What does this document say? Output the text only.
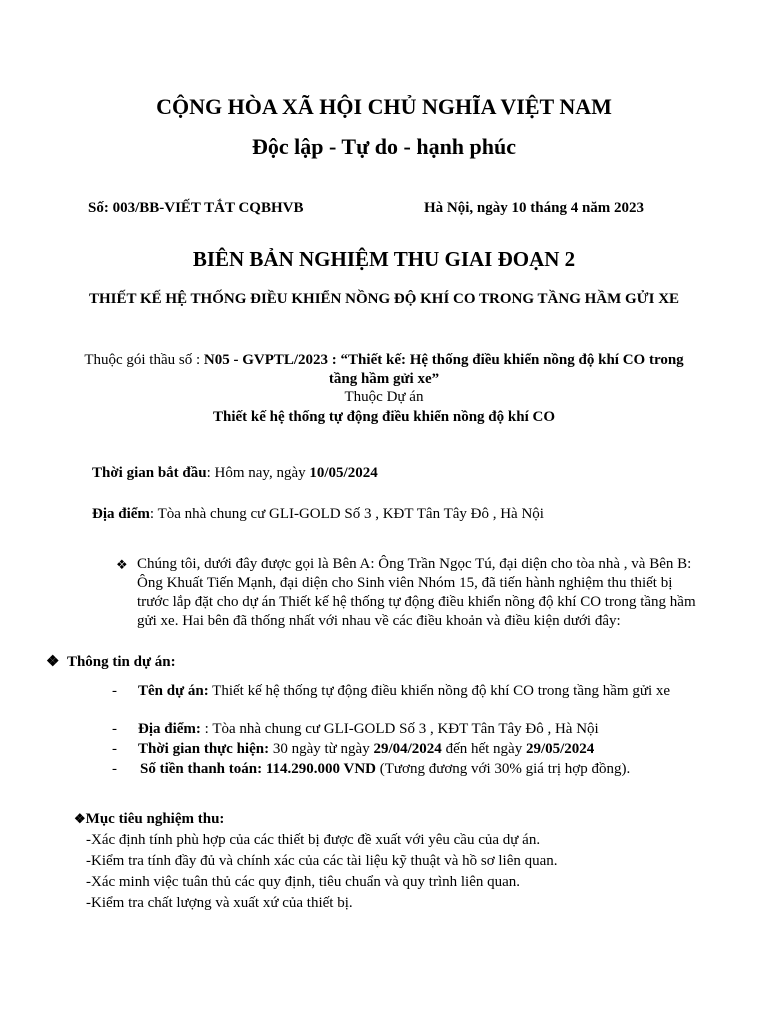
CỘNG HÒA XÃ HỘI CHỦ NGHĨA VIỆT NAM
Độc lập - Tự do - hạnh phúc
Số: 003/BB-VIẾT TẮT CQBHVB	Hà Nội, ngày 10 tháng 4 năm 2023
BIÊN BẢN NGHIỆM THU GIAI ĐOẠN 2
THIẾT KẾ HỆ THỐNG ĐIỀU KHIỂN NỒNG ĐỘ KHÍ CO TRONG TẦNG HẦM GỬI XE
Thuộc gói thầu số : N05 - GVPTL/2023 : “Thiết kế: Hệ thống điều khiển nồng độ khí CO trong tầng hầm gửi xe”
Thuộc Dự án
Thiết kế hệ thống tự động điều khiển nồng độ khí CO
Thời gian bắt đầu: Hôm nay, ngày 10/05/2024
Địa điểm: Tòa nhà chung cư GLI-GOLD Số 3 , KĐT Tân Tây Đô , Hà Nội
❖ Chúng tôi, dưới đây được gọi là Bên A: Ông Trần Ngọc Tú, đại diện cho tòa nhà , và Bên B: Ông Khuất Tiến Mạnh, đại diện cho Sinh viên Nhóm 15, đã tiến hành nghiệm thu thiết bị trước lắp đặt cho dự án Thiết kế hệ thống tự động điều khiển nồng độ khí CO trong tầng hầm gửi xe. Hai bên đã thống nhất với nhau về các điều khoản và điều kiện dưới đây:
❖ Thông tin dự án:
- Tên dự án: Thiết kế hệ thống tự động điều khiển nồng độ khí CO trong tầng hầm gửi xe
- Địa điểm: : Tòa nhà chung cư GLI-GOLD Số 3 , KĐT Tân Tây Đô , Hà Nội
- Thời gian thực hiện: 30 ngày từ ngày 29/04/2024 đến hết ngày 29/05/2024
- Số tiền thanh toán: 114.290.000 VND (Tương đương với 30% giá trị hợp đồng).
❖Mục tiêu nghiệm thu:
-Xác định tính phù hợp của các thiết bị được đề xuất với yêu cầu của dự án.
-Kiểm tra tính đầy đủ và chính xác của các tài liệu kỹ thuật và hồ sơ liên quan.
-Xác minh việc tuân thủ các quy định, tiêu chuẩn và quy trình liên quan.
-Kiểm tra chất lượng và xuất xứ của thiết bị.
